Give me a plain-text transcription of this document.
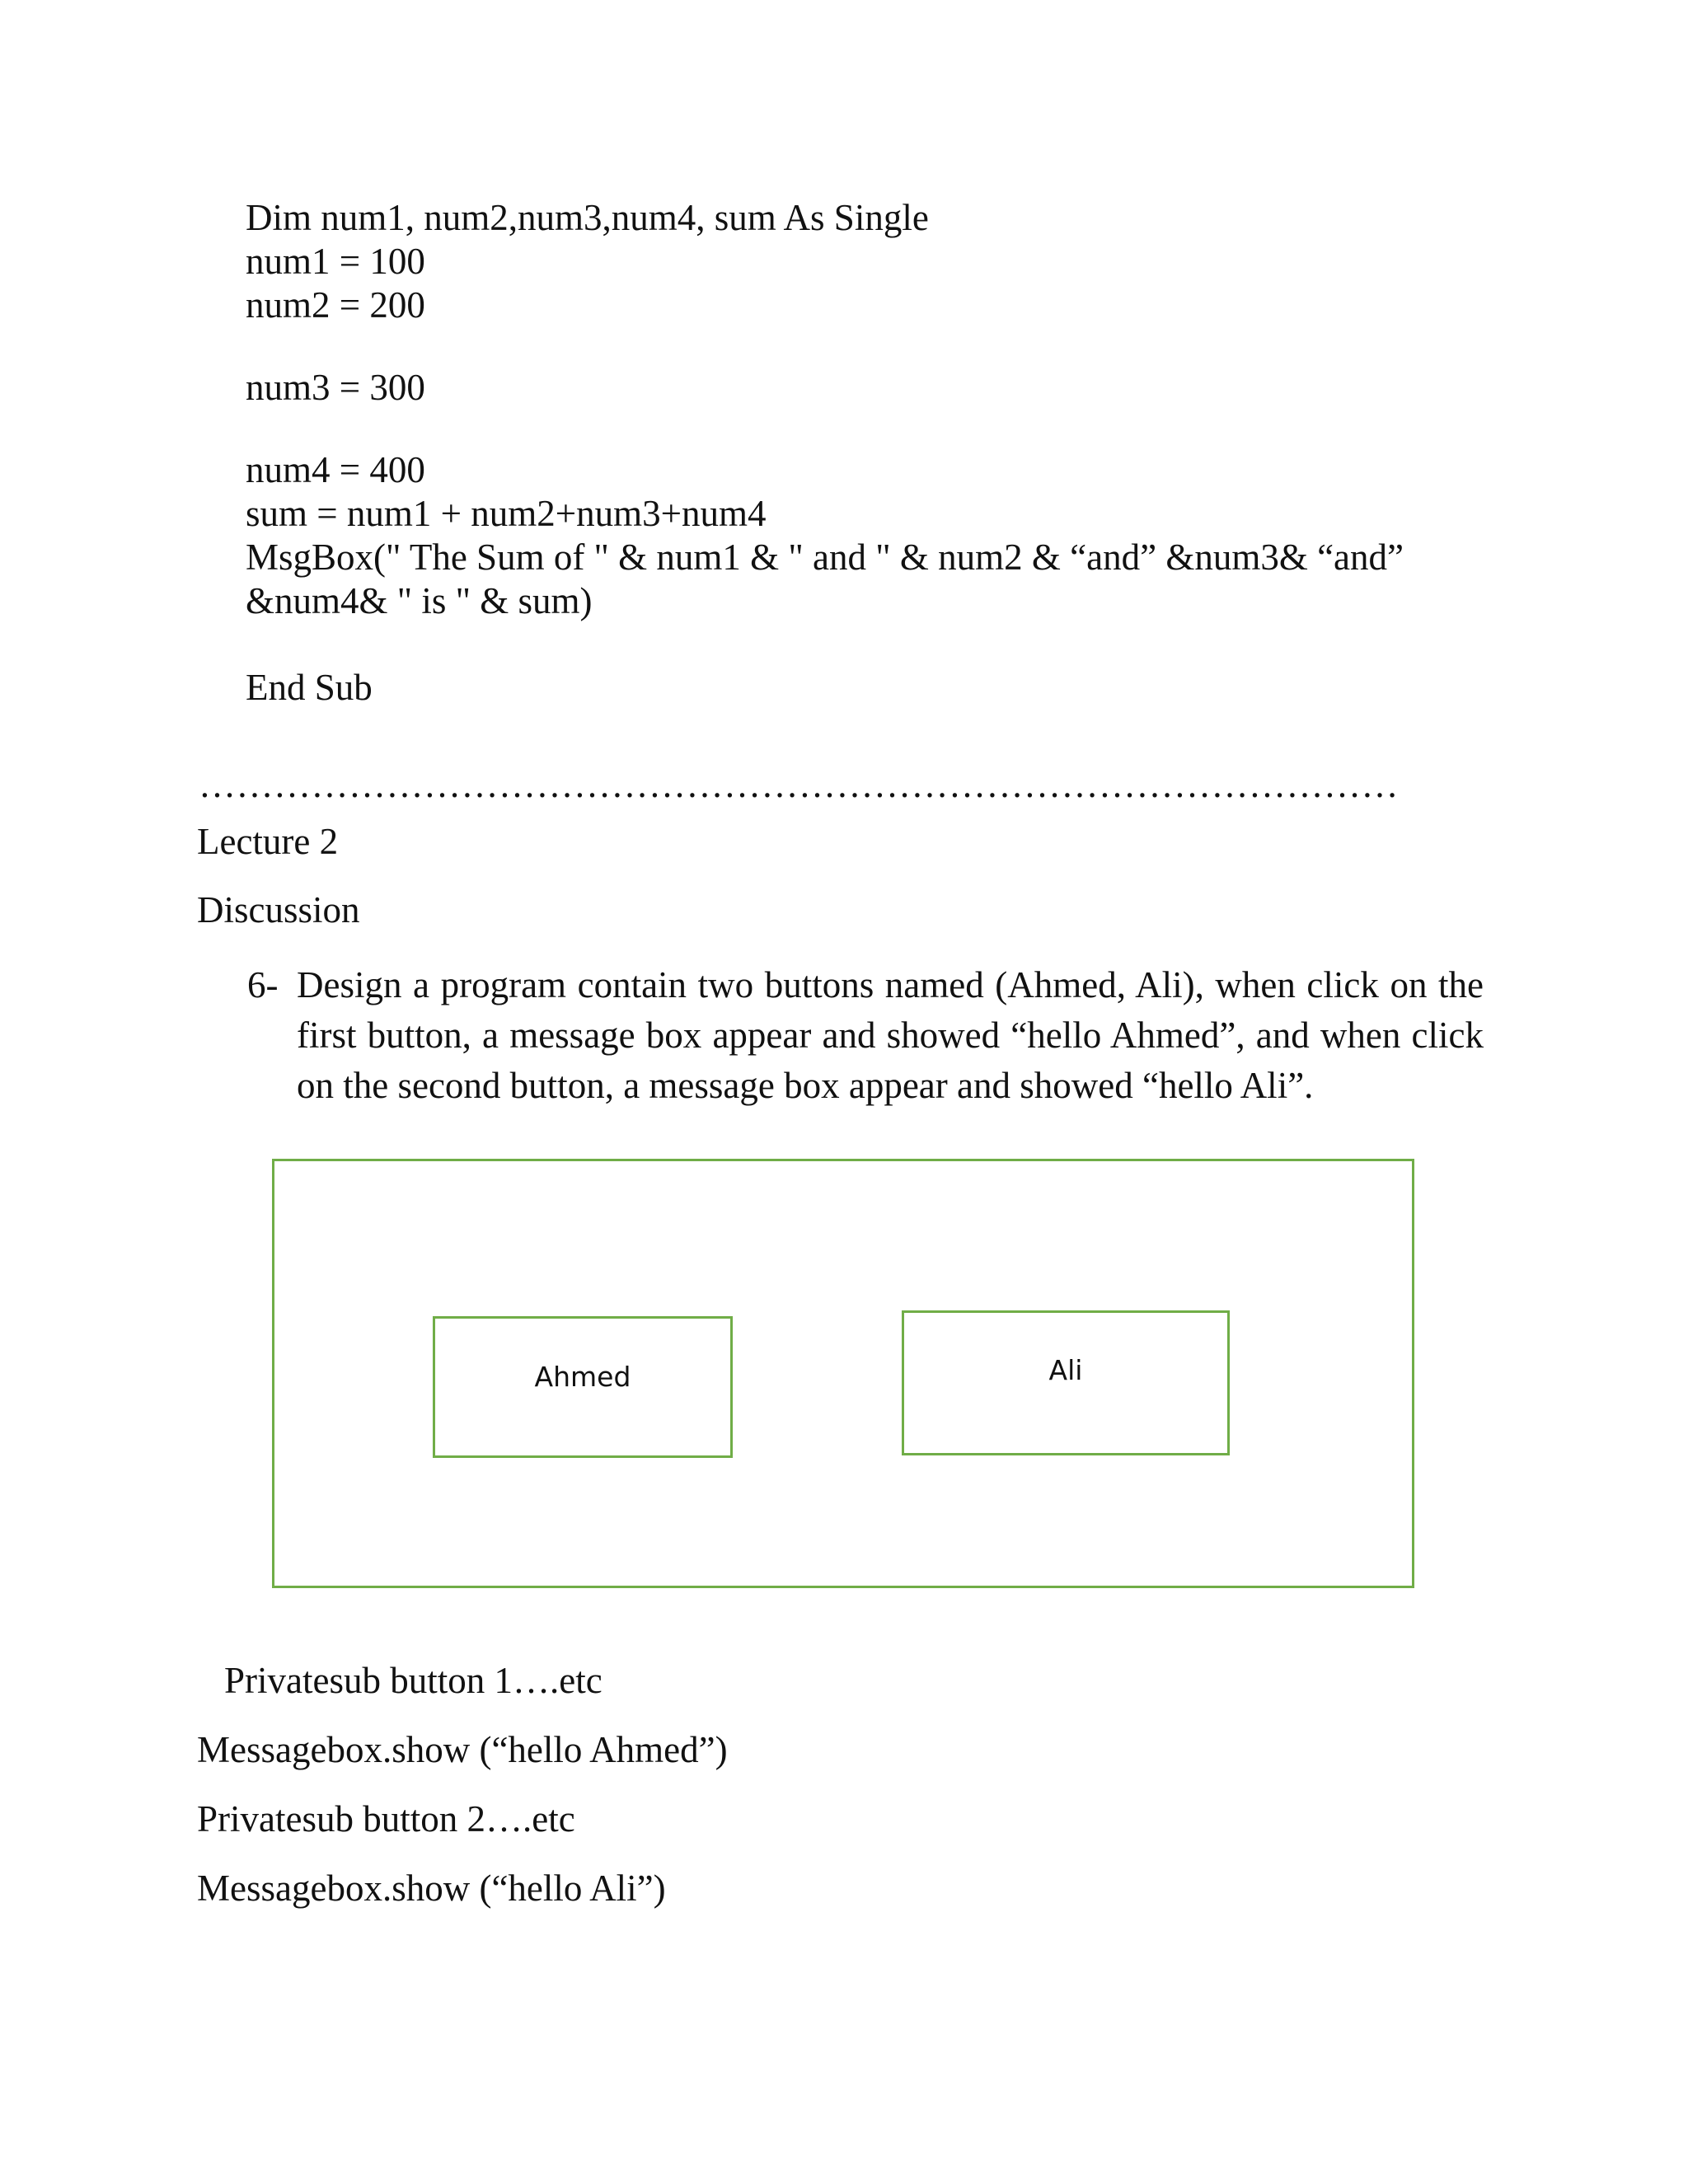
Dim num1, num2,num3,num4, sum As Single
num1 = 100
num2 = 200
num3 = 300
num4 = 400
sum = num1 + num2+num3+num4
MsgBox(" The Sum of " & num1 & " and " & num2 & “and” &num3& “and”
&num4& " is " & sum)
End Sub
……………………………………………………………………………………
Lecture 2
Discussion
6- Design a program contain two buttons named (Ahmed, Ali), when click on the first button, a message box appear and showed “hello Ahmed”, and when click on the second button, a message box appear and showed “hello Ali”.
Ahmed	Ali
Privatesub button 1….etc
Messagebox.show (“hello Ahmed”)
Privatesub button 2….etc
Messagebox.show (“hello Ali”)
